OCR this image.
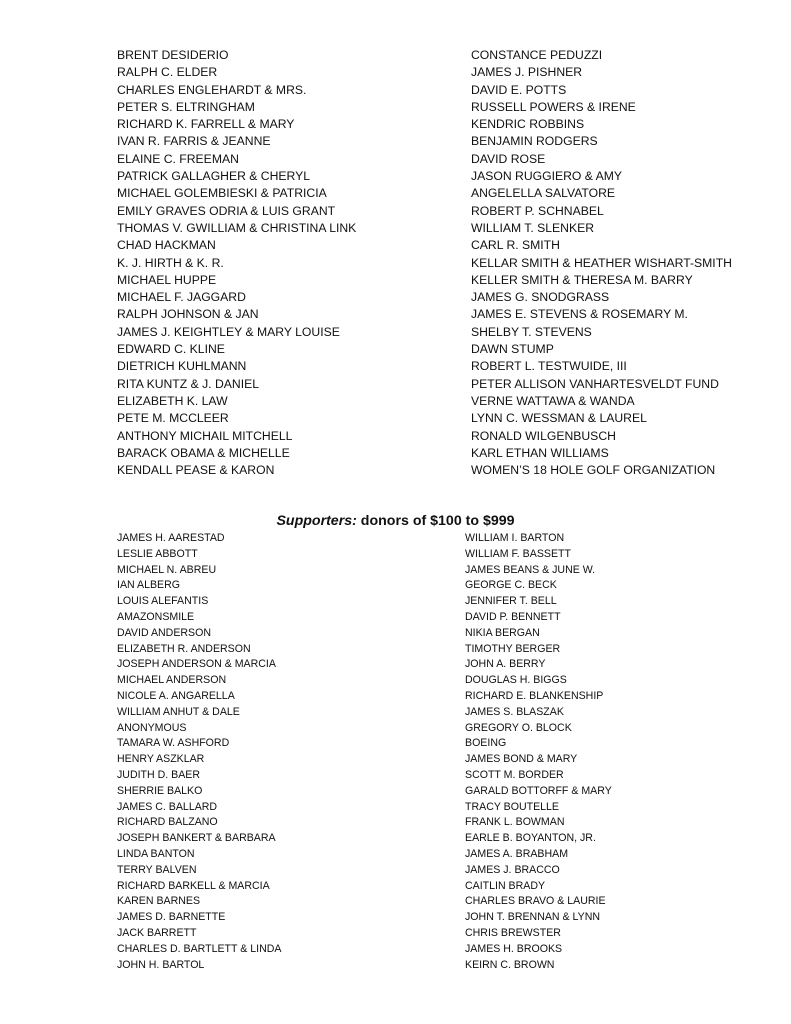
BRENT DESIDERIO
RALPH C. ELDER
CHARLES ENGLEHARDT & MRS.
PETER S. ELTRINGHAM
RICHARD K. FARRELL & MARY
IVAN R. FARRIS & JEANNE
ELAINE C. FREEMAN
PATRICK GALLAGHER & CHERYL
MICHAEL GOLEMBIESKI & PATRICIA
EMILY GRAVES ODRIA & LUIS GRANT
THOMAS V. GWILLIAM & CHRISTINA LINK
CHAD HACKMAN
K. J. HIRTH & K. R.
MICHAEL HUPPE
MICHAEL F. JAGGARD
RALPH JOHNSON & JAN
JAMES J. KEIGHTLEY & MARY LOUISE
EDWARD C. KLINE
DIETRICH KUHLMANN
RITA KUNTZ & J. DANIEL
ELIZABETH K. LAW
PETE M. MCCLEER
ANTHONY MICHAIL MITCHELL
BARACK OBAMA & MICHELLE
KENDALL PEASE & KARON
CONSTANCE PEDUZZI
JAMES J. PISHNER
DAVID E. POTTS
RUSSELL POWERS & IRENE
KENDRIC ROBBINS
BENJAMIN RODGERS
DAVID ROSE
JASON RUGGIERO & AMY
ANGELELLA SALVATORE
ROBERT P. SCHNABEL
WILLIAM T. SLENKER
CARL R. SMITH
KELLAR SMITH & HEATHER WISHART-SMITH
KELLER SMITH & THERESA M. BARRY
JAMES G. SNODGRASS
JAMES E. STEVENS & ROSEMARY M.
SHELBY T. STEVENS
DAWN STUMP
ROBERT L. TESTWUIDE, III
PETER ALLISON VANHARTESVELDT FUND
VERNE WATTAWA & WANDA
LYNN C. WESSMAN & LAUREL
RONALD WILGENBUSCH
KARL ETHAN WILLIAMS
WOMEN’S 18 HOLE GOLF ORGANIZATION
Supporters: donors of $100 to $999
JAMES H. AARESTAD
LESLIE ABBOTT
MICHAEL N. ABREU
IAN ALBERG
LOUIS ALEFANTIS
AMAZONSMILE
DAVID ANDERSON
ELIZABETH R. ANDERSON
JOSEPH ANDERSON & MARCIA
MICHAEL ANDERSON
NICOLE A. ANGARELLA
WILLIAM ANHUT & DALE
ANONYMOUS
TAMARA W. ASHFORD
HENRY ASZKLAR
JUDITH D. BAER
SHERRIE BALKO
JAMES C. BALLARD
RICHARD BALZANO
JOSEPH BANKERT & BARBARA
LINDA BANTON
TERRY BALVEN
RICHARD BARKELL & MARCIA
KAREN BARNES
JAMES D. BARNETTE
JACK BARRETT
CHARLES D. BARTLETT & LINDA
JOHN H. BARTOL
WILLIAM I. BARTON
WILLIAM F. BASSETT
JAMES BEANS & JUNE W.
GEORGE C. BECK
JENNIFER T. BELL
DAVID P. BENNETT
NIKIA BERGAN
TIMOTHY BERGER
JOHN A. BERRY
DOUGLAS H. BIGGS
RICHARD E. BLANKENSHIP
JAMES S. BLASZAK
GREGORY O. BLOCK
BOEING
JAMES BOND & MARY
SCOTT M. BORDER
GARALD BOTTORFF & MARY
TRACY BOUTELLE
FRANK L. BOWMAN
EARLE B. BOYANTON, JR.
JAMES A. BRABHAM
JAMES J. BRACCO
CAITLIN BRADY
CHARLES BRAVO & LAURIE
JOHN T. BRENNAN & LYNN
CHRIS BREWSTER
JAMES H. BROOKS
KEIRN C. BROWN
